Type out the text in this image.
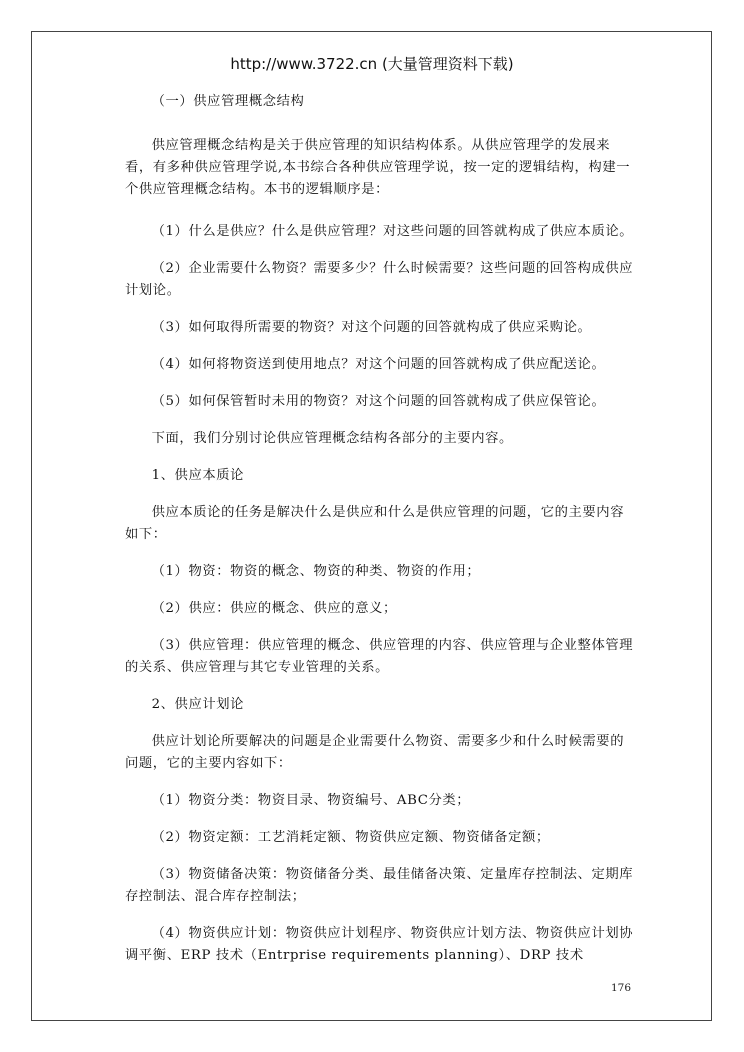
http://www.3722.cn (大量管理资料下载)

（一）供应管理概念结构

供应管理概念结构是关于供应管理的知识结构体系。从供应管理学的发展来看，有多种供应管理学说,本书综合各种供应管理学说，按一定的逻辑结构，构建一个供应管理概念结构。本书的逻辑顺序是：

（1）什么是供应？什么是供应管理？对这些问题的回答就构成了供应本质论。

（2）企业需要什么物资？需要多少？什么时候需要？这些问题的回答构成供应计划论。

（3）如何取得所需要的物资？对这个问题的回答就构成了供应采购论。

（4）如何将物资送到使用地点？对这个问题的回答就构成了供应配送论。

（5）如何保管暂时未用的物资？对这个问题的回答就构成了供应保管论。

下面，我们分别讨论供应管理概念结构各部分的主要内容。

1、供应本质论

供应本质论的任务是解决什么是供应和什么是供应管理的问题，它的主要内容如下：

（1）物资：物资的概念、物资的种类、物资的作用；

（2）供应：供应的概念、供应的意义；

（3）供应管理：供应管理的概念、供应管理的内容、供应管理与企业整体管理的关系、供应管理与其它专业管理的关系。

2、供应计划论

供应计划论所要解决的问题是企业需要什么物资、需要多少和什么时候需要的问题，它的主要内容如下：

（1）物资分类：物资目录、物资编号、ABC分类；

（2）物资定额：工艺消耗定额、物资供应定额、物资储备定额；

（3）物资储备决策：物资储备分类、最佳储备决策、定量库存控制法、定期库存控制法、混合库存控制法；

（4）物资供应计划：物资供应计划程序、物资供应计划方法、物资供应计划协调平衡、ERP 技术（Entrprise requirements planning）、DRP 技术

176
